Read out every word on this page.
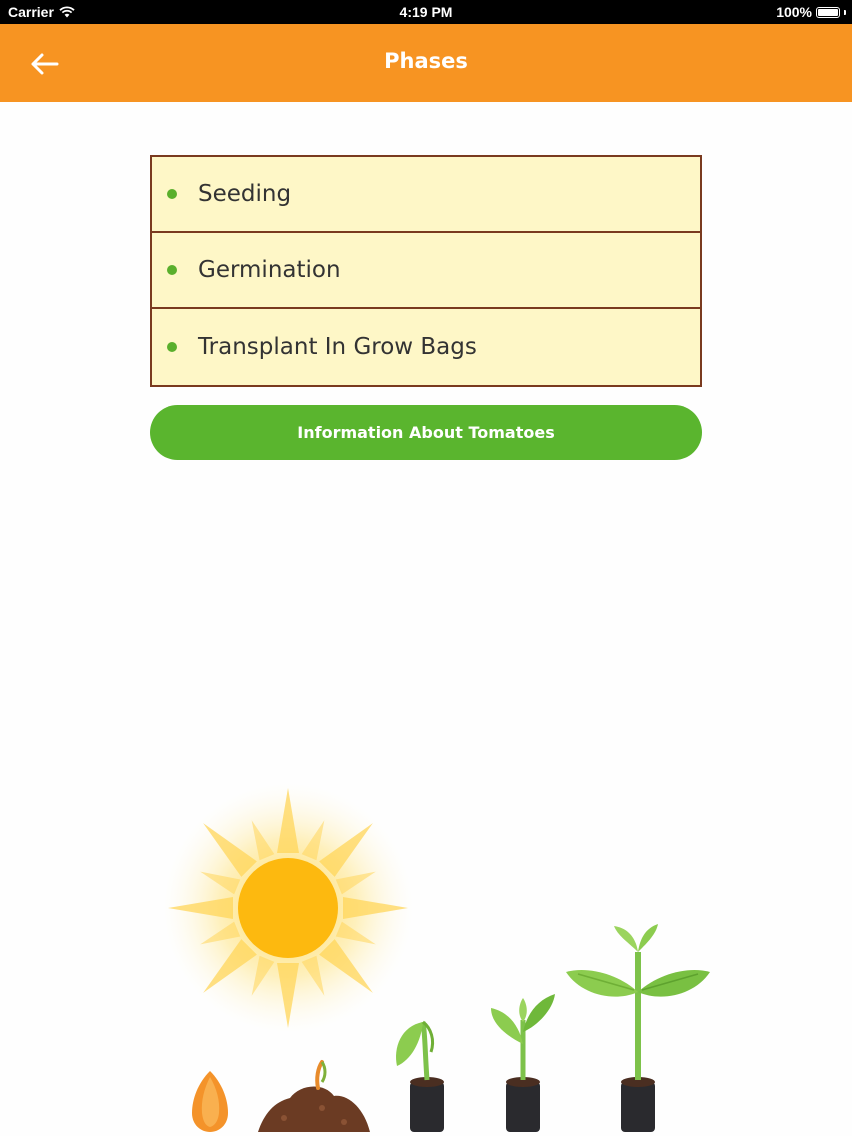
Carrier	4:19 PM	100%
Phases
Seeding
Germination
Transplant In Grow Bags
Information About Tomatoes
